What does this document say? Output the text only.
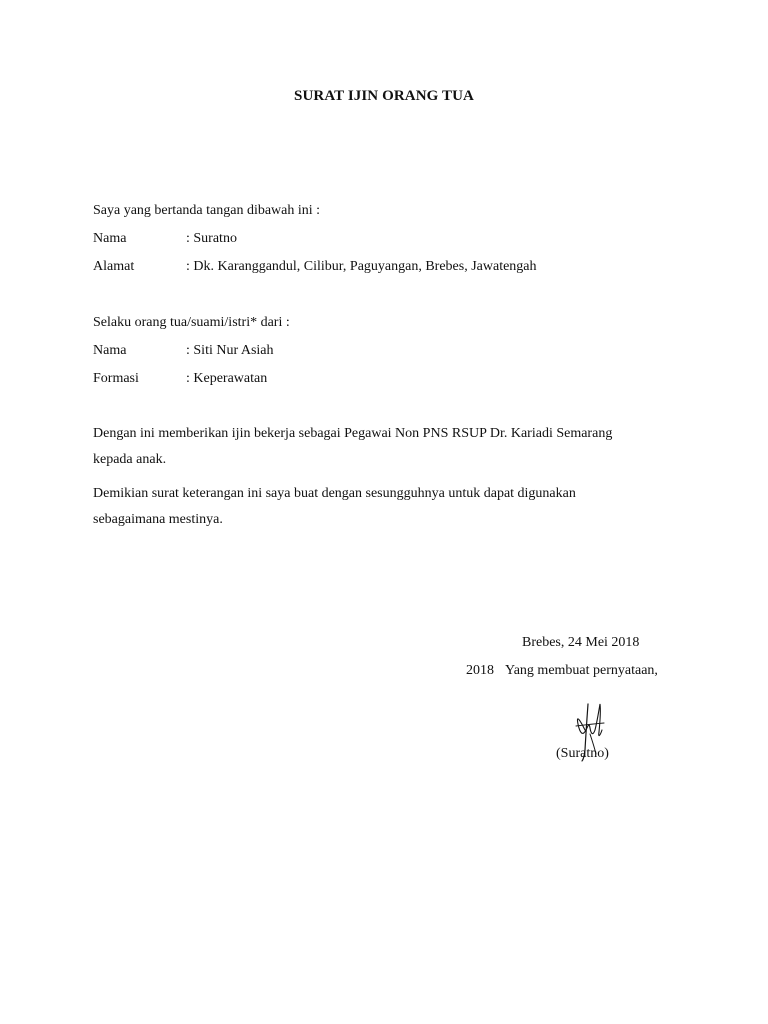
SURAT IJIN ORANG TUA
Saya yang bertanda tangan dibawah ini :
Nama	: Suratno
Alamat	: Dk. Karanggandul, Cilibur, Paguyangan, Brebes, Jawatengah
Selaku orang tua/suami/istri* dari :
Nama	: Siti Nur Asiah
Formasi	: Keperawatan
Dengan ini memberikan ijin bekerja sebagai Pegawai Non PNS RSUP Dr. Kariadi Semarang
kepada anak.
Demikian surat keterangan ini saya buat dengan sesungguhnya untuk dapat digunakan
sebagaimana mestinya.
Brebes, 24 Mei 2018
2018 Yang membuat pernyataan,
(Suratno)
